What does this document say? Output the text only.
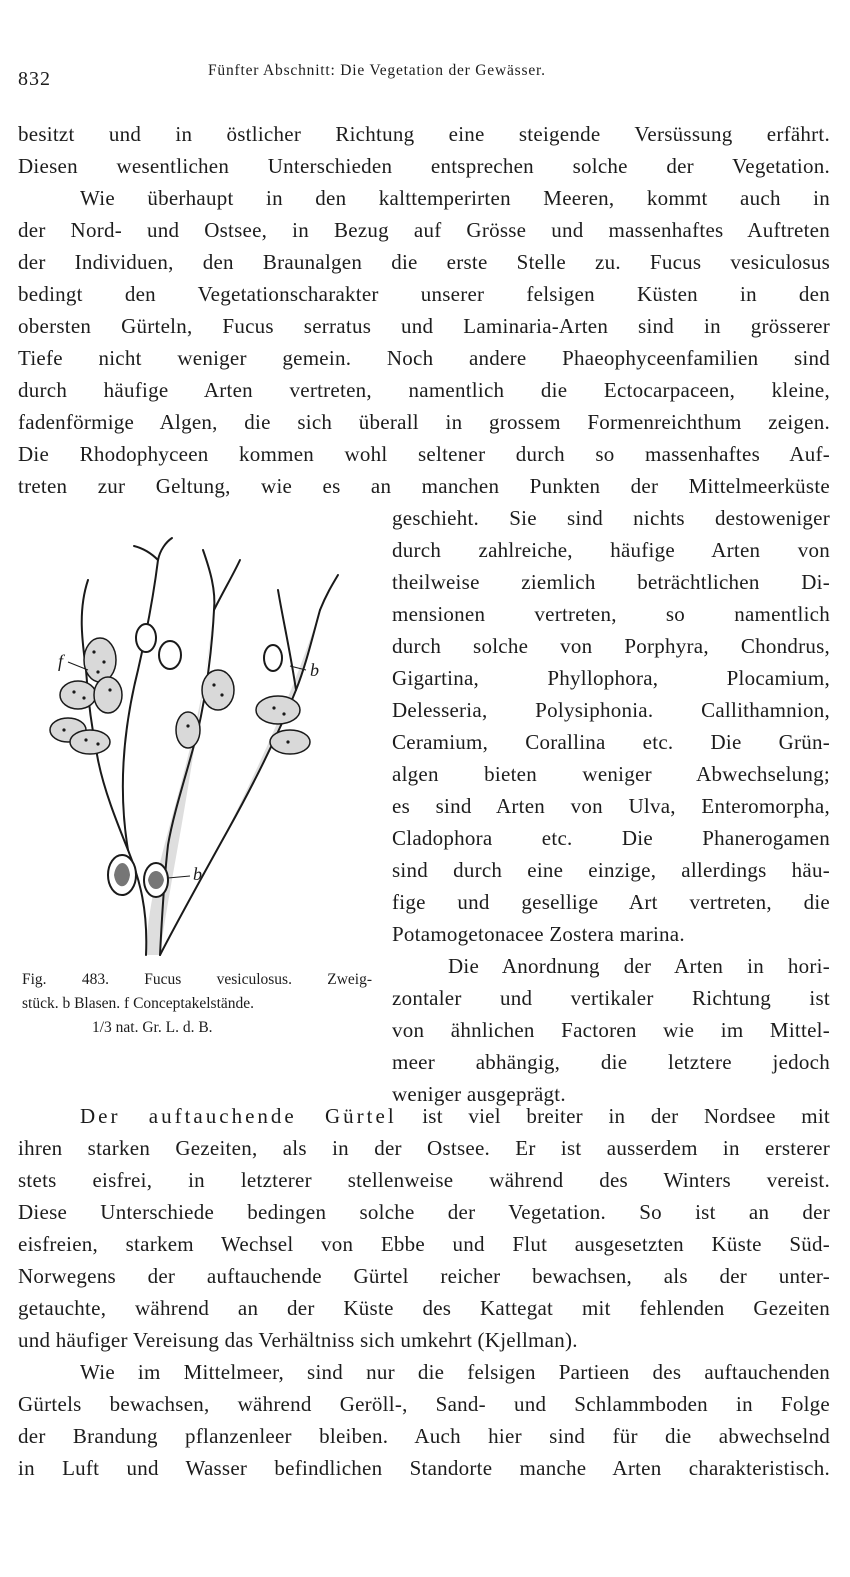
832	Fünfter Abschnitt: Die Vegetation der Gewässer.
besitzt und in östlicher Richtung eine steigende Versüssung erfährt.
Diesen wesentlichen Unterschieden entsprechen solche der Vegetation.
Wie überhaupt in den kalttemperirten Meeren, kommt auch in
der Nord- und Ostsee, in Bezug auf Grösse und massenhaftes Auftreten
der Individuen, den Braunalgen die erste Stelle zu. Fucus vesiculosus
bedingt den Vegetationscharakter unserer felsigen Küsten in den
obersten Gürteln, Fucus serratus und Laminaria-Arten sind in grösserer
Tiefe nicht weniger gemein. Noch andere Phaeophyceenfamilien sind
durch häufige Arten vertreten, namentlich die Ectocarpaceen, kleine,
fadenförmige Algen, die sich überall in grossem Formenreichthum zeigen.
Die Rhodophyceen kommen wohl seltener durch so massenhaftes Auf-
treten zur Geltung, wie es an manchen Punkten der Mittelmeerküste
geschieht. Sie sind nichts destoweniger
durch zahlreiche, häufige Arten von
theilweise ziemlich beträchtlichen Di-
mensionen vertreten, so namentlich
durch solche von Porphyra, Chondrus,
Gigartina, Phyllophora, Plocamium,
Delesseria, Polysiphonia. Callithamnion,
Ceramium, Corallina etc. Die Grün-
algen bieten weniger Abwechselung;
es sind Arten von Ulva, Enteromorpha,
Cladophora etc. Die Phanerogamen
sind durch eine einzige, allerdings häu-
fige und gesellige Art vertreten, die
Potamogetonacee Zostera marina.
Die Anordnung der Arten in hori-
zontaler und vertikaler Richtung ist
von ähnlichen Factoren wie im Mittel-
meer abhängig, die letztere jedoch
weniger ausgeprägt.
f	b
b
Fig. 483. Fucus vesiculosus. Zweig-
stück. b Blasen. f Conceptakelstände.
1/3 nat. Gr. L. d. B.
Der auftauchende Gürtel ist viel breiter in der Nordsee mit
ihren starken Gezeiten, als in der Ostsee. Er ist ausserdem in ersterer
stets eisfrei, in letzterer stellenweise während des Winters vereist.
Diese Unterschiede bedingen solche der Vegetation. So ist an der
eisfreien, starkem Wechsel von Ebbe und Flut ausgesetzten Küste Süd-
Norwegens der auftauchende Gürtel reicher bewachsen, als der unter-
getauchte, während an der Küste des Kattegat mit fehlenden Gezeiten
und häufiger Vereisung das Verhältniss sich umkehrt (Kjellman).
Wie im Mittelmeer, sind nur die felsigen Partieen des auftauchenden
Gürtels bewachsen, während Geröll-, Sand- und Schlammboden in Folge
der Brandung pflanzenleer bleiben. Auch hier sind für die abwechselnd
in Luft und Wasser befindlichen Standorte manche Arten charakteristisch.
